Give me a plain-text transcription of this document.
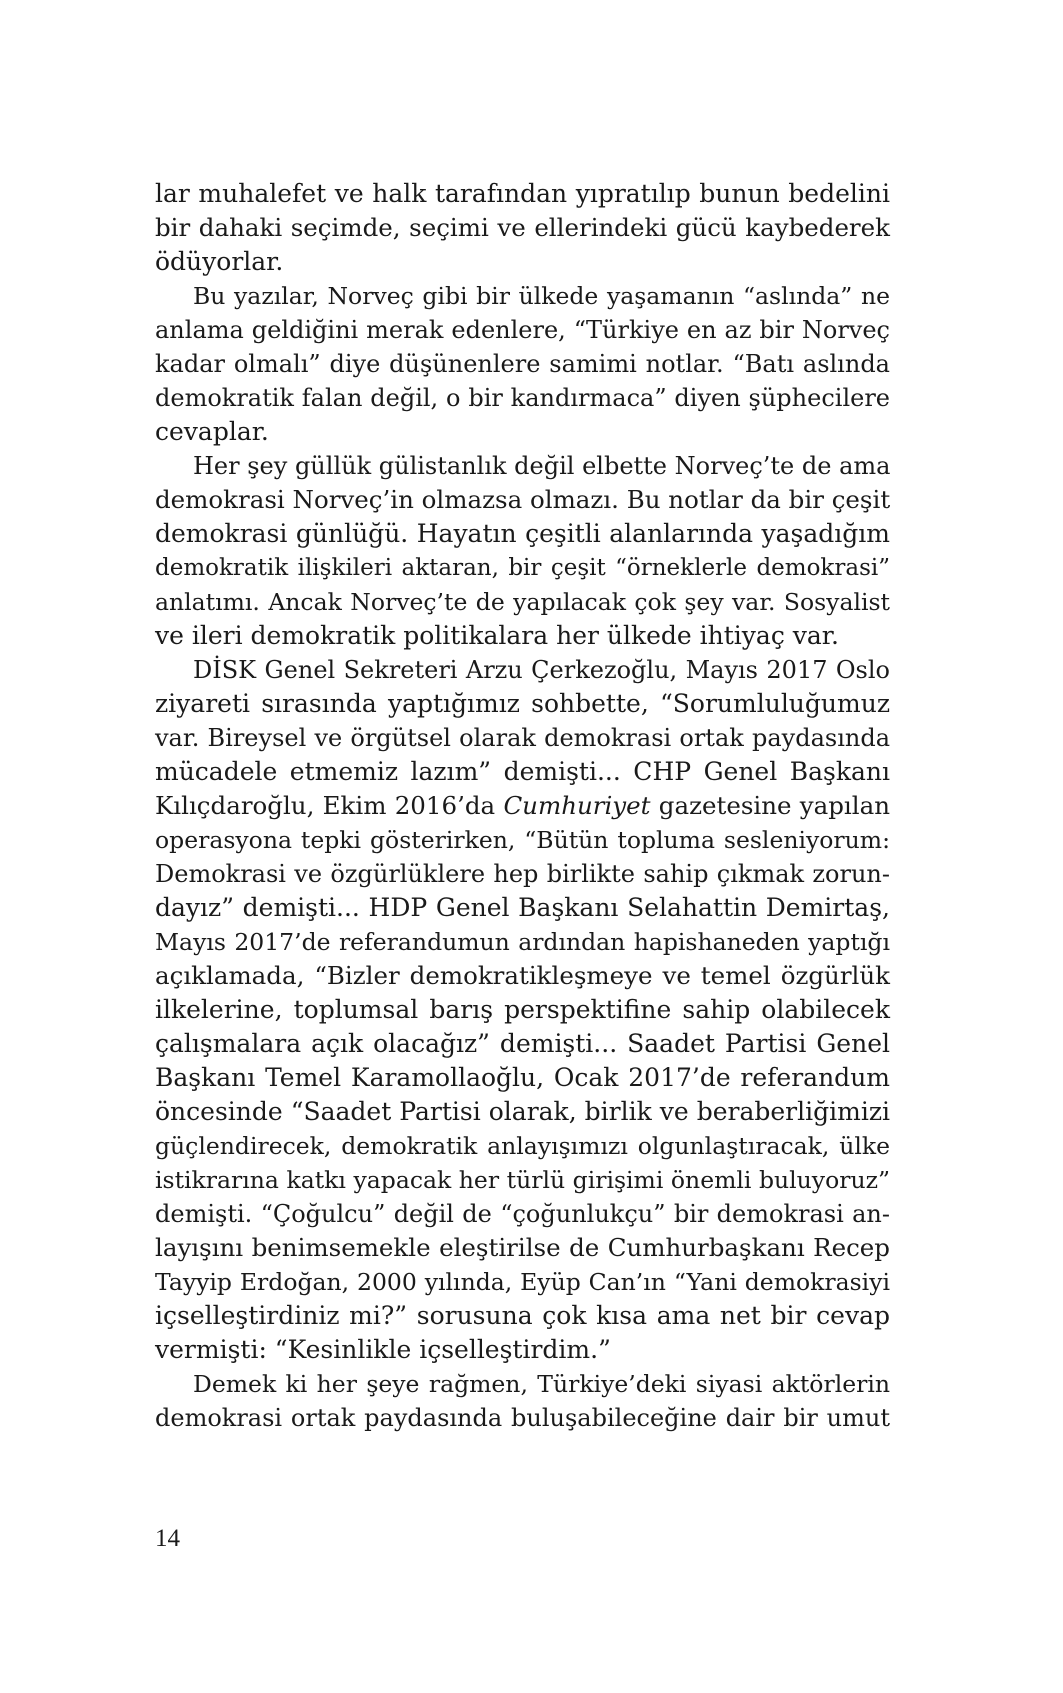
lar muhalefet ve halk tarafından yıpratılıp bunun bedelini
bir dahaki seçimde, seçimi ve ellerindeki gücü kaybederek
ödüyorlar.
Bu yazılar, Norveç gibi bir ülkede yaşamanın “aslında” ne
anlama geldiğini merak edenlere, “Türkiye en az bir Norveç
kadar olmalı” diye düşünenlere samimi notlar. “Batı aslında
demokratik falan değil, o bir kandırmaca” diyen şüphecilere
cevaplar.
Her şey güllük gülistanlık değil elbette Norveç’te de ama
demokrasi Norveç’in olmazsa olmazı. Bu notlar da bir çeşit
demokrasi günlüğü. Hayatın çeşitli alanlarında yaşadığım
demokratik ilişkileri aktaran, bir çeşit “örneklerle demokrasi”
anlatımı. Ancak Norveç’te de yapılacak çok şey var. Sosyalist
ve ileri demokratik politikalara her ülkede ihtiyaç var.
DİSK Genel Sekreteri Arzu Çerkezoğlu, Mayıs 2017 Oslo
ziyareti sırasında yaptığımız sohbette, “Sorumluluğumuz
var. Bireysel ve örgütsel olarak demokrasi ortak paydasında
mücadele etmemiz lazım” demişti... CHP Genel Başkanı
Kılıçdaroğlu, Ekim 2016’da Cumhuriyet gazetesine yapılan
operasyona tepki gösterirken, “Bütün topluma sesleniyorum:
Demokrasi ve özgürlüklere hep birlikte sahip çıkmak zorun-
dayız” demişti... HDP Genel Başkanı Selahattin Demirtaş,
Mayıs 2017’de referandumun ardından hapishaneden yaptığı
açıklamada, “Bizler demokratikleşmeye ve temel özgürlük
ilkelerine, toplumsal barış perspektifine sahip olabilecek
çalışmalara açık olacağız” demişti... Saadet Partisi Genel
Başkanı Temel Karamollaoğlu, Ocak 2017’de referandum
öncesinde “Saadet Partisi olarak, birlik ve beraberliğimizi
güçlendirecek, demokratik anlayışımızı olgunlaştıracak, ülke
istikrarına katkı yapacak her türlü girişimi önemli buluyoruz”
demişti. “Çoğulcu” değil de “çoğunlukçu” bir demokrasi an-
layışını benimsemekle eleştirilse de Cumhurbaşkanı Recep
Tayyip Erdoğan, 2000 yılında, Eyüp Can’ın “Yani demokrasiyi
içselleştirdiniz mi?” sorusuna çok kısa ama net bir cevap
vermişti: “Kesinlikle içselleştirdim.”
Demek ki her şeye rağmen, Türkiye’deki siyasi aktörlerin
demokrasi ortak paydasında buluşabileceğine dair bir umut
14
